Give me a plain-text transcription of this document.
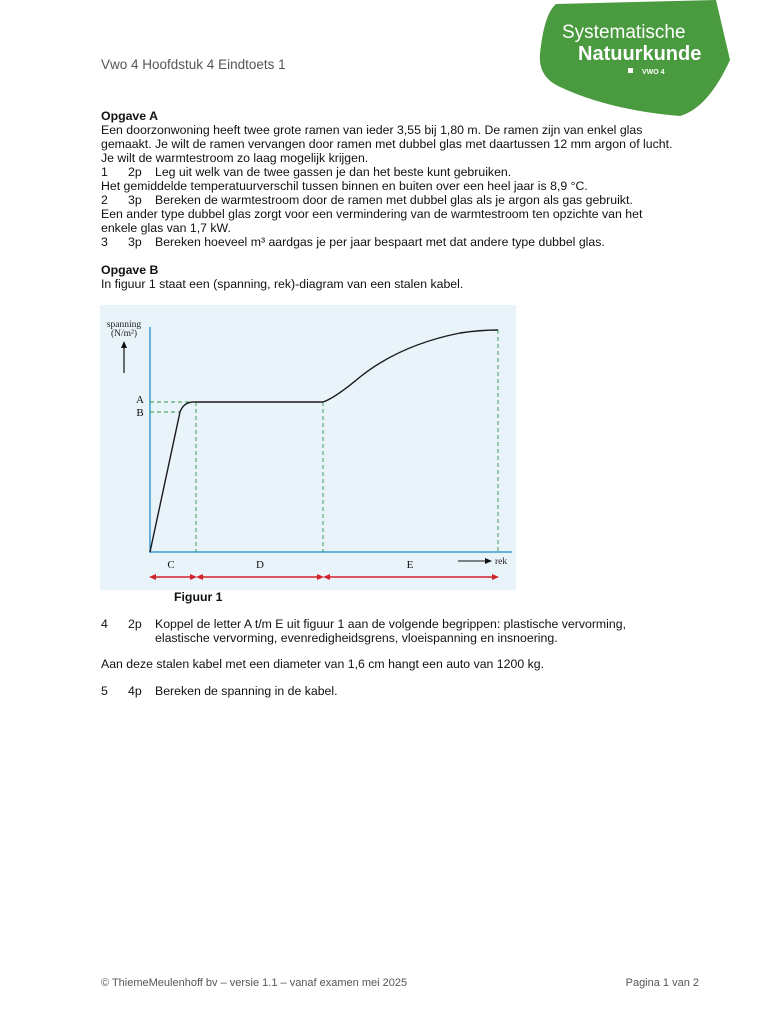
Vwo 4 Hoofdstuk 4 Eindtoets 1
Systematische
Natuurkunde
VWO 4

Opgave A

Een doorzonwoning heeft twee grote ramen van ieder 3,55 bij 1,80 m. De ramen zijn van enkel glas gemaakt. Je wilt de ramen vervangen door ramen met dubbel glas met daartussen 12 mm argon of lucht. Je wilt de warmtestroom zo laag mogelijk krijgen.

1	2p	Leg uit welk van de twee gassen je dan het beste kunt gebruiken.

Het gemiddelde temperatuurverschil tussen binnen en buiten over een heel jaar is 8,9 °C.

2	3p	Bereken de warmtestroom door de ramen met dubbel glas als je argon als gas gebruikt.

Een ander type dubbel glas zorgt voor een vermindering van de warmtestroom ten opzichte van het enkele glas van 1,7 kW.

3	3p	Bereken hoeveel m³ aardgas je per jaar bespaart met dat andere type dubbel glas.

Opgave B

In figuur 1 staat een (spanning, rek)-diagram van een stalen kabel.

spanning
(N/m²)
A
B
C	D	E	rek
Figuur 1
4	2p	Koppel de letter A t/m E uit figuur 1 aan de volgende begrippen: plastische vervorming, elastische vervorming, evenredigheidsgrens, vloeispanning en insnoering.

Aan deze stalen kabel met een diameter van 1,6 cm hangt een auto van 1200 kg.

5	4p	Bereken de spanning in de kabel.
© ThiemeMeulenhoff bv – versie 1.1 – vanaf examen mei 2025	Pagina 1 van 2
